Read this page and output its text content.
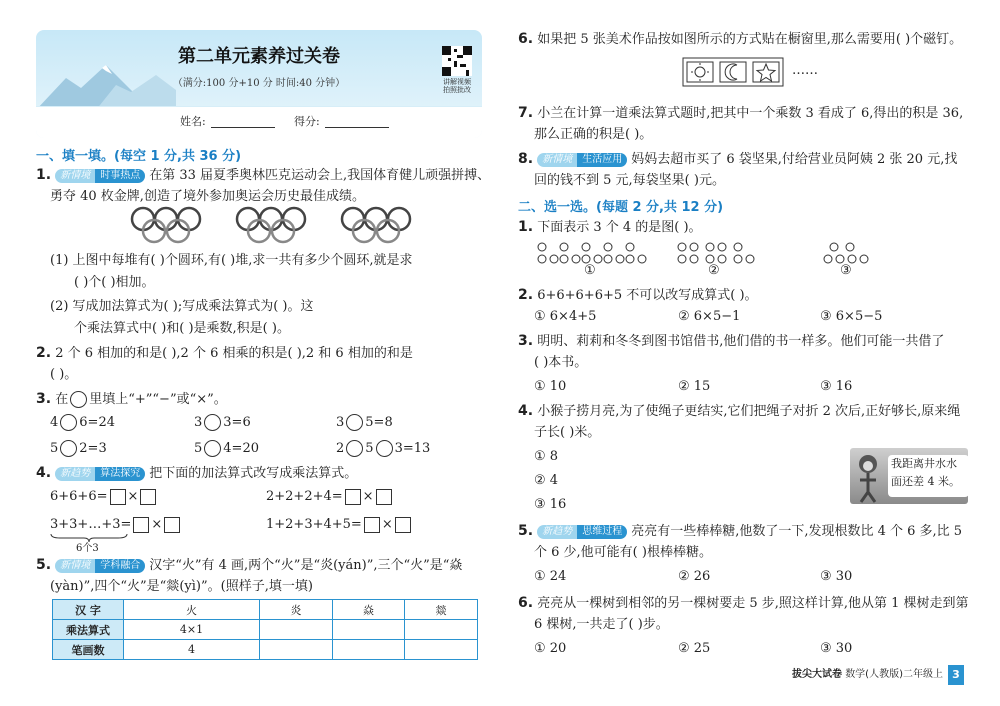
第二单元素养过关卷
（满分:100 分+10 分 时间:40 分钟）	讲解视频
拍照批改
姓名:	得分:
一、填一填。(每空 1 分,共 36 分)
1. 新情境 时事热点 在第 33 届夏季奥林匹克运动会上,我国体育健儿顽强拼搏、
勇夺 40 枚金牌,创造了境外参加奥运会历史最佳成绩。
(1) 上图中每堆有( )个圆环,有( )堆,求一共有多少个圆环,就是求
( )个( )相加。
(2) 写成加法算式为( );写成乘法算式为( )。这
个乘法算式中( )和( )是乘数,积是( )。
2. 2 个 6 相加的和是( ),2 个 6 相乘的积是( ),2 和 6 相加的和是
( )。
3. 在 里填上“+”“−”或“×”。
4 6=24	3 3=6	3 5=8
5 2=3	5 4=20	2 5 3=13
4. 新趋势 算法探究 把下面的加法算式改写成乘法算式。
6+6+6= ×	2+2+2+4= ×
3+3+…+3= ×
6个3
1+2+3+4+5= ×
5. 新情境 学科融合 汉字“火”有 4 画,两个“火”是“炎(yán)”,三个“火”是“焱
(yàn)”,四个“火”是“燚(yì)”。(照样子,填一填)
汉 字	火	炎	焱	燚
乘法算式	4×1			
笔画数	4			
6. 如果把 5 张美术作品按如图所示的方式贴在橱窗里,那么需要用( )个磁钉。
……
7. 小兰在计算一道乘法算式题时,把其中一个乘数 3 看成了 6,得出的积是 36,
那么正确的积是( )。
8. 新情境 生活应用 妈妈去超市买了 6 袋坚果,付给营业员阿姨 2 张 20 元,找
回的钱不到 5 元,每袋坚果( )元。
二、选一选。(每题 2 分,共 12 分)
1. 下面表示 3 个 4 的是图( )。
①	②	③
2. 6+6+6+6+5 不可以改写成算式( )。
① 6×4+5	② 6×5−1	③ 6×5−5
3. 明明、莉莉和冬冬到图书馆借书,他们借的书一样多。他们可能一共借了
( )本书。
① 10	② 15	③ 16
4. 小猴子捞月亮,为了使绳子更结实,它们把绳子对折 2 次后,正好够长,原来绳
子长( )米。
① 8
② 4
③ 16
我距离井水水
面还差 4 米。
5. 新趋势 思维过程 亮亮有一些棒棒糖,他数了一下,发现根数比 4 个 6 多,比 5
个 6 少,他可能有( )根棒棒糖。
① 24	② 26	③ 30
6. 亮亮从一棵树到相邻的另一棵树要走 5 步,照这样计算,他从第 1 棵树走到第
6 棵树,一共走了( )步。
① 20	② 25	③ 30
拔尖大试卷 数学(人教版)二年级上 3
